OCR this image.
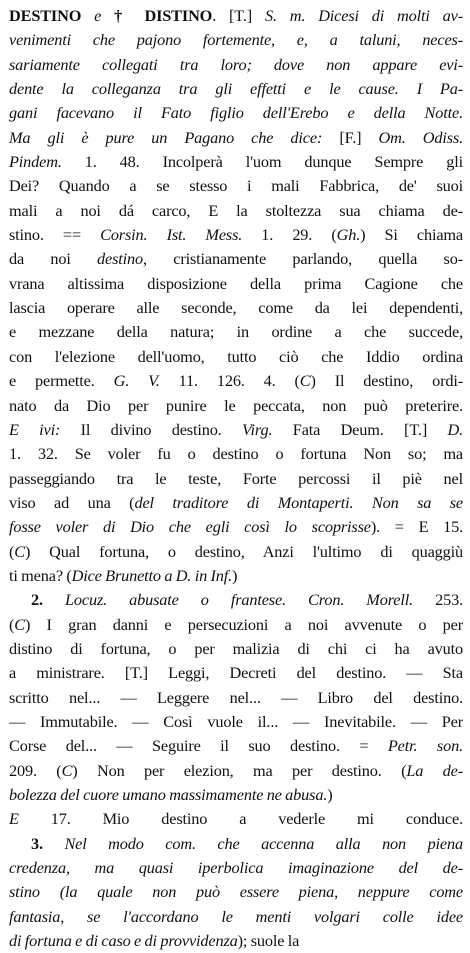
DESTINO e † DISTINO. [T.] S. m. Dicesi di molti av-
venimenti che pajono fortemente, e, a taluni, neces-
sariamente collegati tra loro; dove non appare evi-
dente la colleganza tra gli effetti e le cause. I Pa-
gani facevano il Fato figlio dell'Erebo e della Notte.
Ma gli è pure un Pagano che dice: [F.] Om. Odiss.
Pindem. 1. 48. Incolperà l'uom dunque Sempre gli
Dei? Quando a se stesso i mali Fabbrica, de' suoi
mali a noi dá carco, E la stoltezza sua chiama de-
stino. == Corsin. Ist. Mess. 1. 29. (Gh.) Si chiama
da noi destino, cristianamente parlando, quella so-
vrana altissima disposizione della prima Cagione che
lascia operare alle seconde, come da lei dependenti,
e mezzane della natura; in ordine a che succede,
con l'elezione dell'uomo, tutto ciò che Iddio ordina
e permette. G. V. 11. 126. 4. (C) Il destino, ordi-
nato da Dio per punire le peccata, non può preterire.
E ivi: Il divino destino. Virg. Fata Deum. [T.] D.
1. 32. Se voler fu o destino o fortuna Non so; ma
passeggiando tra le teste, Forte percossi il piè nel
viso ad una (del traditore di Montaperti. Non sa se
fosse voler di Dio che egli così lo scoprisse). = E 15.
(C) Qual fortuna, o destino, Anzi l'ultimo di quaggiù
ti mena? (Dice Brunetto a D. in Inf.)
2. Locuz. abusate o frantese. Cron. Morell. 253.
(C) I gran danni e persecuzioni a noi avvenute o per
distino di fortuna, o per malizia di chi ci ha avuto
a ministrare. [T.] Leggi, Decreti del destino. — Sta
scritto nel... — Leggere nel... — Libro del destino.
— Immutabile. — Così vuole il... — Inevitabile. — Per
Corse del... — Seguire il suo destino. = Petr. son.
209. (C) Non per elezion, ma per destino. (La de-
bolezza del cuore umano massimamente ne abusa.)
E 17. Mio destino a vederle mi conduce.
3. Nel modo com. che accenna alla non piena
credenza, ma quasi iperbolica imaginazione del de-
stino (la quale non può essere piena, neppure come
fantasia, se l'accordano le menti volgari colle idee
di fortuna e di caso e di provvidenza); suole la
